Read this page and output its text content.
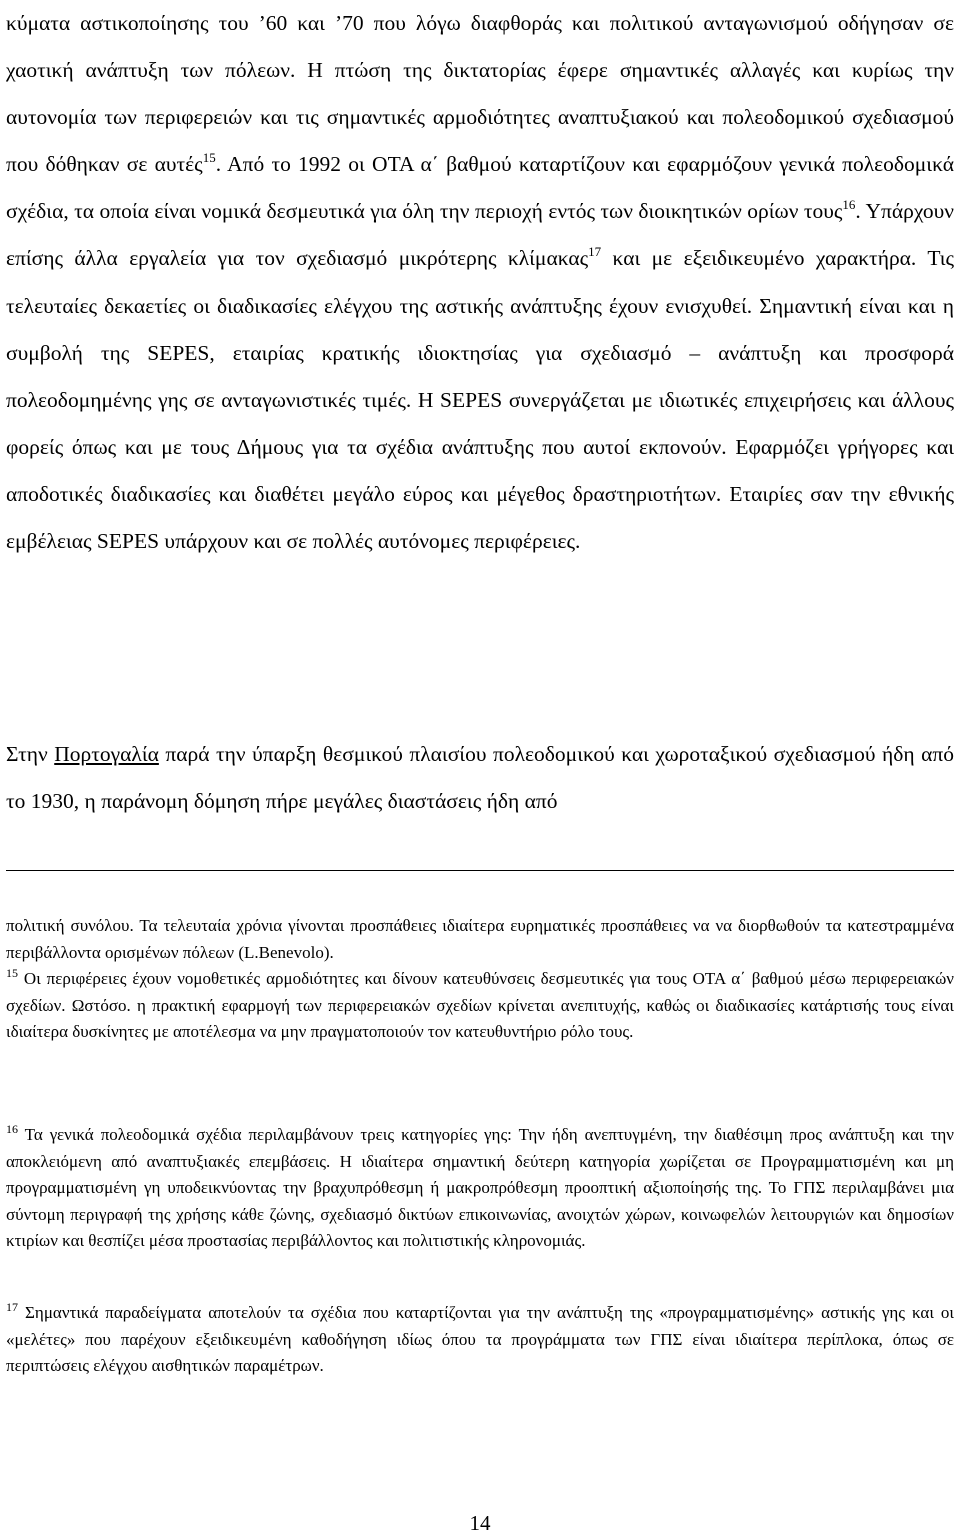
κύματα αστικοποίησης του ’60 και ’70 που λόγω διαφθοράς και πολιτικού ανταγωνισμού οδήγησαν σε χαοτική ανάπτυξη των πόλεων. Η πτώση της δικτατορίας έφερε σημαντικές αλλαγές και κυρίως την αυτονομία των περιφερειών και τις σημαντικές αρμοδιότητες αναπτυξιακού και πολεοδομικού σχεδιασμού που δόθηκαν σε αυτές$^{15}$. Από το 1992 οι ΟΤΑ α΄ βαθμού καταρτίζουν και εφαρμόζουν γενικά πολεοδομικά σχέδια, τα οποία είναι νομικά δεσμευτικά για όλη την περιοχή εντός των διοικητικών ορίων τους$^{16}$. Υπάρχουν επίσης άλλα εργαλεία για τον σχεδιασμό μικρότερης κλίμακας$^{17}$ και με εξειδικευμένο χαρακτήρα. Τις τελευταίες δεκαετίες οι διαδικασίες ελέγχου της αστικής ανάπτυξης έχουν ενισχυθεί. Σημαντική είναι και η συμβολή της SEPES, εταιρίας κρατικής ιδιοκτησίας για σχεδιασμό – ανάπτυξη και προσφορά πολεοδομημένης γης σε ανταγωνιστικές τιμές. Η SEPES συνεργάζεται με ιδιωτικές επιχειρήσεις και άλλους φορείς όπως και με τους Δήμους για τα σχέδια ανάπτυξης που αυτοί εκπονούν. Εφαρμόζει γρήγορες και αποδοτικές διαδικασίες και διαθέτει μεγάλο εύρος και μέγεθος δραστηριοτήτων. Εταιρίες σαν την εθνικής εμβέλειας SEPES υπάρχουν και σε πολλές αυτόνομες περιφέρειες.

Στην Πορτογαλία παρά την ύπαρξη θεσμικού πλαισίου πολεοδομικού και χωροταξικού σχεδιασμού ήδη από το 1930, η παράνομη δόμηση πήρε μεγάλες διαστάσεις ήδη από

πολιτική συνόλου. Τα τελευταία χρόνια γίνονται προσπάθειες ιδιαίτερα ευρηματικές προσπάθειες να να διορθωθούν τα κατεστραμμένα περιβάλλοντα ορισμένων πόλεων (L.Benevolo).

$^{15}$ Οι περιφέρειες έχουν νομοθετικές αρμοδιότητες και δίνουν κατευθύνσεις δεσμευτικές για τους ΟΤΑ α΄ βαθμού μέσω περιφερειακών σχεδίων. Ωστόσο. η πρακτική εφαρμογή των περιφερειακών σχεδίων κρίνεται ανεπιτυχής, καθώς οι διαδικασίες κατάρτισής τους είναι ιδιαίτερα δυσκίνητες με αποτέλεσμα να μην πραγματοποιούν τον κατευθυντήριο ρόλο τους.

$^{16}$ Τα γενικά πολεοδομικά σχέδια περιλαμβάνουν τρεις κατηγορίες γης: Την ήδη ανεπτυγμένη, την διαθέσιμη προς ανάπτυξη και την αποκλειόμενη από αναπτυξιακές επεμβάσεις. Η ιδιαίτερα σημαντική δεύτερη κατηγορία χωρίζεται σε Προγραμματισμένη και μη προγραμματισμένη γη υποδεικνύοντας την βραχυπρόθεσμη ή μακροπρόθεσμη προοπτική αξιοποίησής της. Το ΓΠΣ περιλαμβάνει μια σύντομη περιγραφή της χρήσης κάθε ζώνης, σχεδιασμό δικτύων επικοινωνίας, ανοιχτών χώρων, κοινωφελών λειτουργιών και δημοσίων κτιρίων και θεσπίζει μέσα προστασίας περιβάλλοντος και πολιτιστικής κληρονομιάς.

$^{17}$ Σημαντικά παραδείγματα αποτελούν τα σχέδια που καταρτίζονται για την ανάπτυξη της «προγραμματισμένης» αστικής γης και οι «μελέτες» που παρέχουν εξειδικευμένη καθοδήγηση ιδίως όπου τα προγράμματα των ΓΠΣ είναι ιδιαίτερα περίπλοκα, όπως σε περιπτώσεις ελέγχου αισθητικών παραμέτρων.

14
